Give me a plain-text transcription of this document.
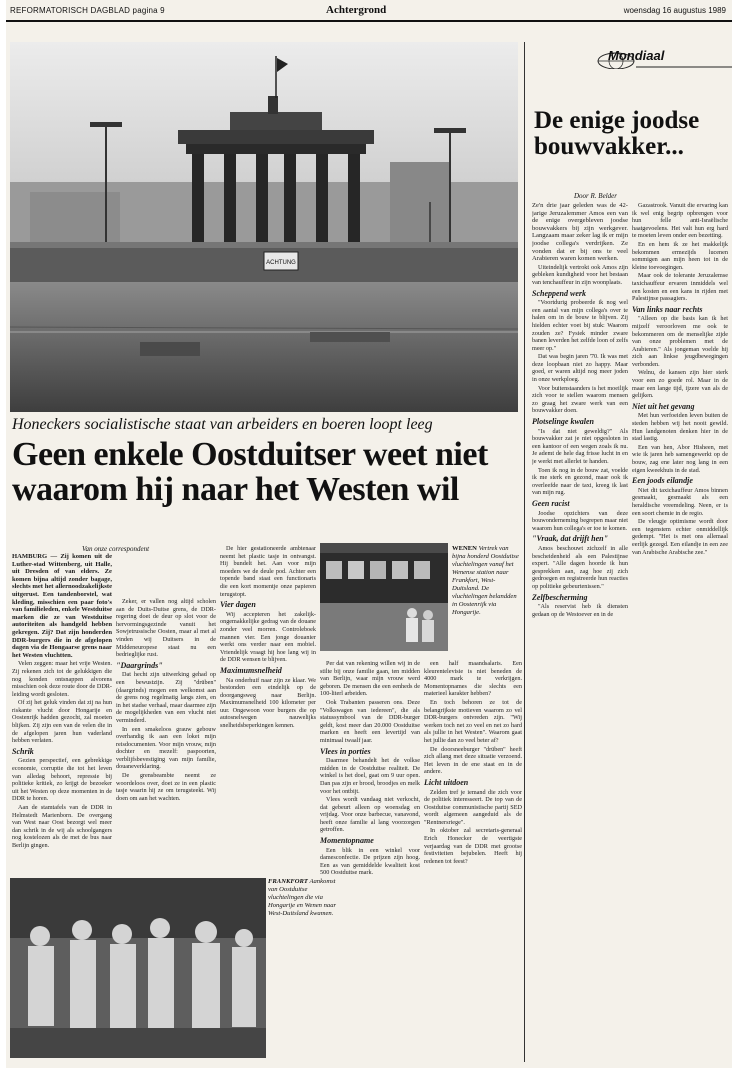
REFORMATORISCH DAGBLAD pagina 9	Achtergrond	woensdag 16 augustus 1989
ACHTUNG
Honeckers socialistische staat van arbeiders en boeren loopt leeg
Geen enkele Oostduitser weet niet waarom hij naar het Westen wil

HAMBURG — Zij komen uit de Luther-stad Wittenberg, uit Halle, uit Dresden of van elders. Ze komen bijna altijd zonder bagage, slechts met het allernoodzakelijkste uitgerust. Een tandenborstel, wat kleding, misschien een paar foto's van familieleden, enkele Westduitse marken die ze van Westduitse autoriteiten als handgeld hebben gekregen. Zij? Dat zijn honderden DDR-burgers die in de afgelopen dagen via de Hongaarse grens naar het Westen vluchtten.

Velen zeggen: maar het vrije Westen. Zij rekenen zich tot de gelukkigen die nog konden ontsnappen alvorens misschien ook deze route door de DDR-leiding wordt gesloten.

Of zij het geluk vinden dat zij na hun riskante vlucht door Hongarije en Oostenrijk hadden gezocht, zal moeten blijken. Zij zijn een van de velen die in de afgelopen jaren hun vaderland hebben verlaten.

Schrik

Gezien perspectief, een gebrekkige economie, corruptie die tot het leven van alledag behoort, repressie bij politieke kritiek, zo krijgt de bezoeker uit het Westen op deze momenten in de DDR te horen.

Aan de stamtafels van de DDR in Helmstedt Marienborn. De overgang van West naar Oost bezorgt wel meer dan schrik in de wij als schoolgangers nog kostelozen als de met de bus naar Berlijn gingen.

Van onze correspondent

Zeker, er vallen nog altijd scholen aan de Duits-Duitse grens, de DDR-regering doet de deur op slot voor de hervormingsgezinde vanuit het Sowjetrussische Oosten, maar al met al vinden wij Duitsers in de Middeneuropese staat nu een bedrieglijke rust.

"Daargrinds"

Dat hecht zijn uitwerking gehad op een bewustzijn. Zij "drüben" (daargrinds) mogen een welkomst aan de grens nog regelmatig langs zien, en in het stadse verhaal, maar daarmee zijn de mogelijkheden van een vlucht niet verminderd.

In een smakeloos grauw gebouw overhandig ik aan een loket mijn reisdocumenten. Voor mijn vrouw, mijn dochter en mezelf: paspoorten, verblijfsbevestiging van mijn familie, douaneverklaring.

De grensbeambte neemt ze woordeloos over, doet ze in een plastic tasje waarin hij ze om terugsteekt. Wij doen om aan het wachten.

De hier gestationeerde ambtenaar neemt het plastic tasje in ontvangst. Hij bundelt het. Aan voor mijn moeders we de deule pod. Achter een topende band staat een functionaris die een kort momentje onze papieren terugstopt.

Vier dagen

Wij accepteren het zakelijk-ongemakkelijke gedrag van de douane zonder veel morren. Controleboek mannen vier. Een jonge douanier werkt ons verder naar een mobiel. Vriendelijk vraagt hij hoe lang wij in de DDR wensen te blijven.

Maximumsnelheid

Na onderhuif naar zijn ze klaar. We bestonden een eindelijk op de doorgangsweg naar Berlijn. Maximumsnelheid 100 kilometer per uur. Ongewoon voor burgers die op autosnelwegen nauwelijks snelheidsbeperkingen kennen.

WENEN Vertrek van bijna honderd Oostduitse vluchtelingen vanaf het Wenense station naar Frankfort, West-Duitsland. De vluchtelingen belandden in Oostenrijk via Hongarije.

Per dat van rekening willen wij in de stilte bij onze familie gaan, ten midden van Berlijn, waar mijn vrouw werd geboren. De mensen die een eenheds de 100-literl arbeiden.

Ook Trabanten passeren ons. Deze "Volkswagen van iedereen", die als statussymbool van de DDR-burger geldt, kost meer dan 20.000 Oostduitse marken en heeft een levertijd van minimaal twaalf jaar.

Vlees in porties

Daarmee behandelt het de volkse midden in de Oostduitse realiteit. De winkel is het doel, gaat om 9 uur open. Dan pas zijn er brood, broodjes en melk voor het ontbijt.

Vlees wordt vandaag niet verkocht, dat gebeurt alleen op woensdag en vrijdag. Voor onze barbecue, vanavond, heeft onze familie al lang voorzorgen getroffen.

Momentopname

Een blik in een winkel voor damesconfectie. De prijzen zijn hoog. Een as van gemiddelde kwaliteit kost 500 Oostduitse mark.

een half maandsalaris. Een kleurentelevisie is niet beneden de 4000 mark te verkrijgen. Momentopnames die slechts een materieel karakter hebben?

En toch behoren ze tot de belangrijkste motieven waarom zo vel DDR-burgers ontvreden zijn. "Wij werken toch net zo veel en net zo hard als jullie in het Westen". Waarom gaat het jullie dan zo veel beter af?

De doorsneeburger "drüben" heeft zich allang met deze situatie verzoend. Het leven in de ene staat en in de andere.

Licht uitdoen

Zelden tref je iemand die zich voor de politiek interesseert. De top van de Oostduitse communistische partij SED wordt algemeen aangeduid als de "Rentnersriege".

In oktober zal secretaris-generaal Erich Honecker de veertigste verjaardag van de DDR met grootse festiviteiten bejubelen. Heeft hij redenen tot feest?

FRANKFORT Aankomst van Oostduitse vluchtelingen die via Hongarije en Wenen naar West-Duitsland kwamen.
Mondiaal
De enige joodse bouwvakker...
Door R. Belder

Ze'n drie jaar geleden was de 42-jarige Jeruzalemmer Amos een van de enige overgebleven joodse bouwvakkers bij zijn werkgever. Langzaam maar zeker lag ik er mijn joodse collega's verdrijken. Ze vonden dat er bij ons te veel Arabieren waren komen werken.

Uiteindelijk vertrokt ook Amos zijn gebleken kundigheid voor het bestaan van tenchauffeur in zijn woonplaats.

Scheppend werk

"Voortdurig probeerde ik nog wel een aantal van mijn collega's over te halen om in de bouw te blijven. Zij hielden echter voet bij stuk: Waarom zouden ze? Fysiek minder zware banen leverden het zelfde loon of zelfs meer op."

Dat was begin jaren '70. Ik was met deze loopbaan niet zo happy. Maar goed, er waren altijd nog meer joden in onze werkploeg.

Voor buitenstaanders is het moeilijk zich voor te stellen waarom mensen zo graag het zware werk van een bouwvakker doen.

Plotselinge kwalen

"Is dat niet geweldig?" Als bouwvakker zat je niet opgesloten in een kantoor of een wegen zoals ik nu. Je ademt de hele dag frisse lucht in en je werkt met allerlei te handen.

Toen ik nog in de bouw zat, voelde ik me sterk en gezond, maar ook ik overleefde naar de taxi, kreeg ik last van mijn rug.

Geen racist

Joodse opzichters van deze bouwonderneming begrepen maar niet waarom hun collega's er toe te komen.

"Vraak, dat drijft hen"

Amos beschouwt zichzelf in alle bescheidenheid als een Palestijnse expert. "Alle dagen hoorde ik hun gesprekken aan, zag hoe zij zich gedroegen en registreerde hun reacties op politieke gebeurtenissen."

Zelfbescherming

"Als reservist heb ik diensten gedaan op de Westoever en in de

Gazastrook. Vanuit die ervaring kan ik wel enig begrip opbrengen voor hun felle anti-Israëlische haatgevoelens. Het valt hun erg hard te moeten leven onder een bezetting.

En en hem ik ze het makkelijk bekommen ermezijds lucenen sommigen aan mijn heen tot in de kleine toevoegingen.

Maar ook de tolerante Jeruzalemse taxichauffeur ervaren inmiddels wel een kosten en een kans in rijden met Palestijnse passagiers.

Van links naar rechts

"Alleen op die basis kan ik het mijzelf veroorloven me ook te bekommeren om de menselijke zijde van onze problemen met de Arabieren." Als jongeman voelde hij zich aan linkse jeugdbewegingen verbonden.

Welnu, de kansen zijn hier sterk voor een zo goede rol. Maar in de maar een lange tijd, ijzere van als de gelijken.

Niet uit het gevang

Met hun verfoeiden leven buiten de steden hebben wij het nooit gewild. Hun landgenoten denken hier in de stad lastig.

Een van hen, Abor Hisheen, met wie ik jaren heb samengewerkt op de bouw, zag ene later nog lang in een eigen kweekhuis in de stad.

Een joods eilandje

Niet dit taxichauffeur Amos binnen gesmaakt, gesmaakt als een heraldische vreemdeling. Neen, er is een soort chemie in de regio.

De vleugje optimisme wordt door een tegenstem echter onmiddellijk gedempt. "Het is met ons allemaal eerlijk gezegd. Een eilandje in een zee van Arabische Arabische zee."
